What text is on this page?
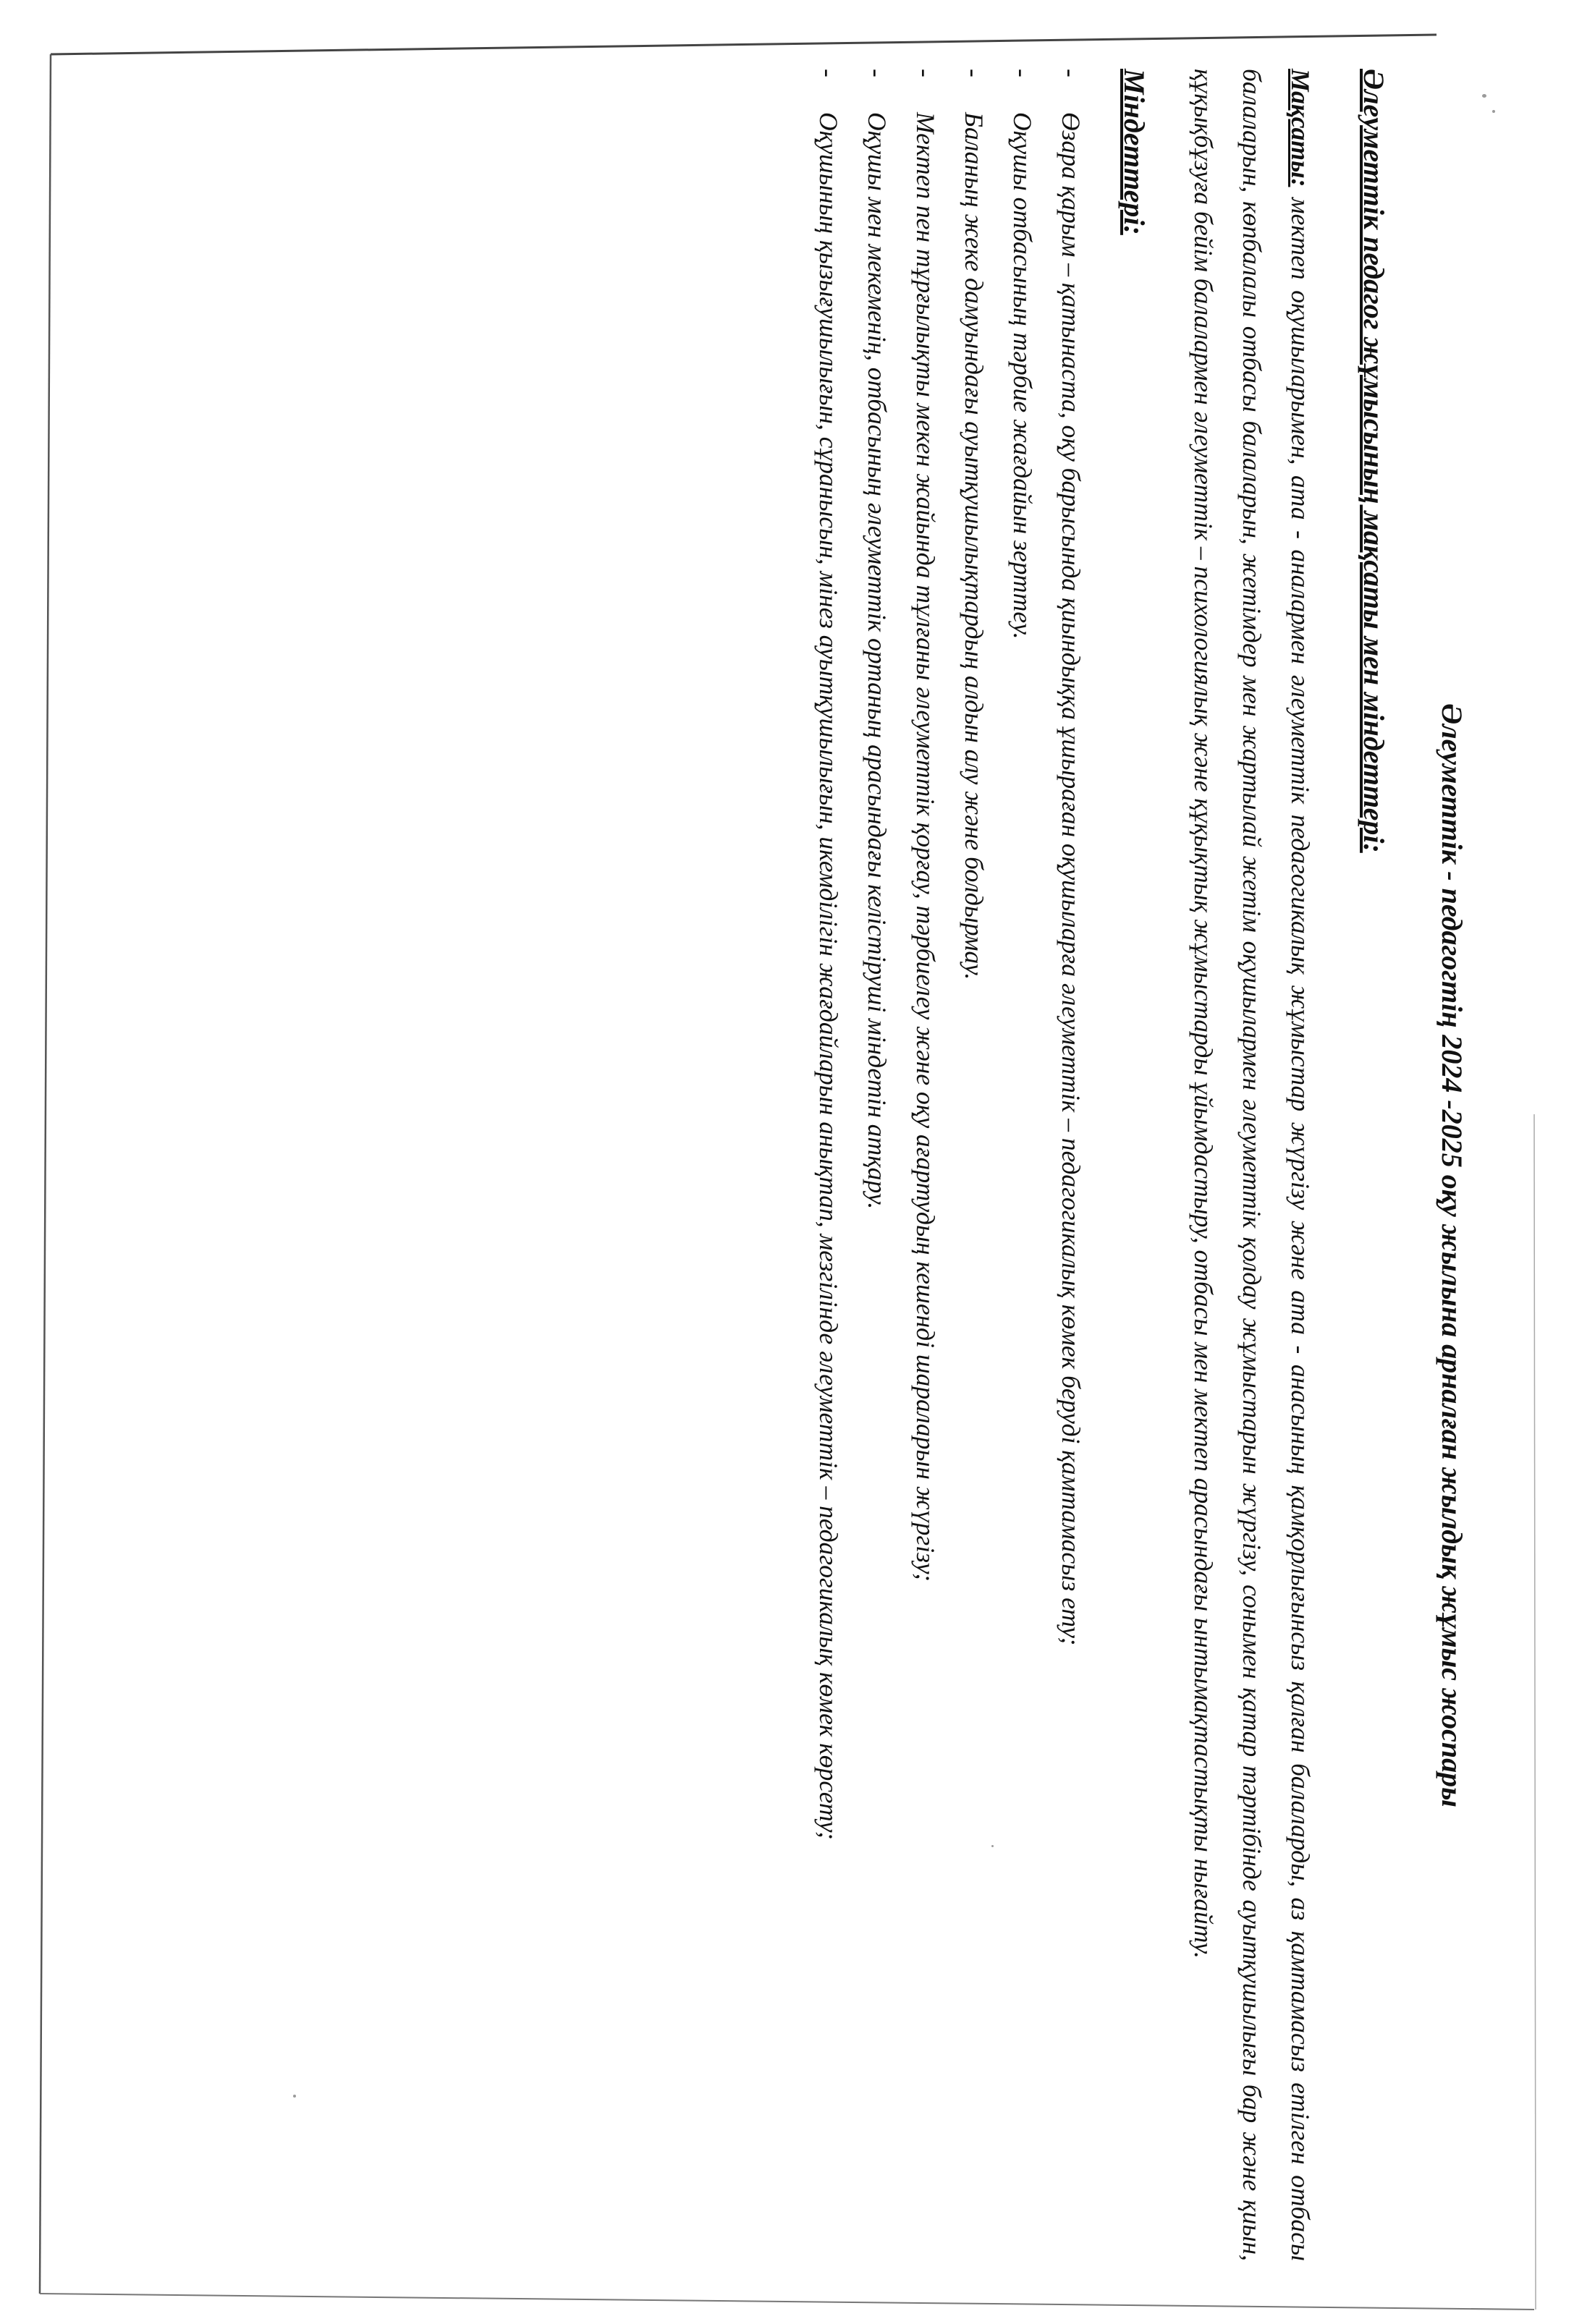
Әлеуметтік - педагогтің 2024 -2025 оқу жылына арналған жылдық жұмыс жоспары
Әлеуметтік педагог жұмысының мақсаты мен міндеттері:

Мақсаты: мектеп оқушыларымен, ата - аналармен әлеуметтік педагогикалық жұмыстар жүргізу және ата - анасының қамқорлығынсыз қалған балаларды, аз қамтамасыз етілген отбасы балаларын, көпбалалы отбасы балаларын, жетімдер мен жартылай жетім оқушылармен әлеуметтік қолдау жұмыстарын жүргізу, сонымен қатар тәртібінде ауытқушылығы бар және қиын, құқықбұзуға бейім балалармен әлеуметтік – психологиялық және құқықтық жұмыстарды ұйымдастыру, отбасы мен мектеп арасындағы ынтымақтастықты нығайту.

Міндеттері:
-
Өзара қарым – қатынаста, оқу барысында қиындыққа ұшыраған оқушыларға әлеуметтік – педагогикалық көмек берудi қамтамасыз ету;
-
Оқушы отбасының тәрбие жағдайын зерттеу.
-
Баланың жеке дамуындағы ауытқушылықтардың алдын алу және болдырмау.
-
Мектеп пен тұрғылықты мекен жайында тұлғаны әлеуметтік қорғау, тәрбиелеу және оқу ағартудың кешенді шараларын жүргізу;
-
Оқушы мен мекеменің, отбасының әлеуметтік ортаның арасындағы келістіруші міндетін атқару.
-
Оқушының қызығушылығын, сұранысын, мінез ауытқушылығын, икемділігін жағдайларын анықтап, мезгілінде әлеуметтік – педагогикалық көмек көрсету;
